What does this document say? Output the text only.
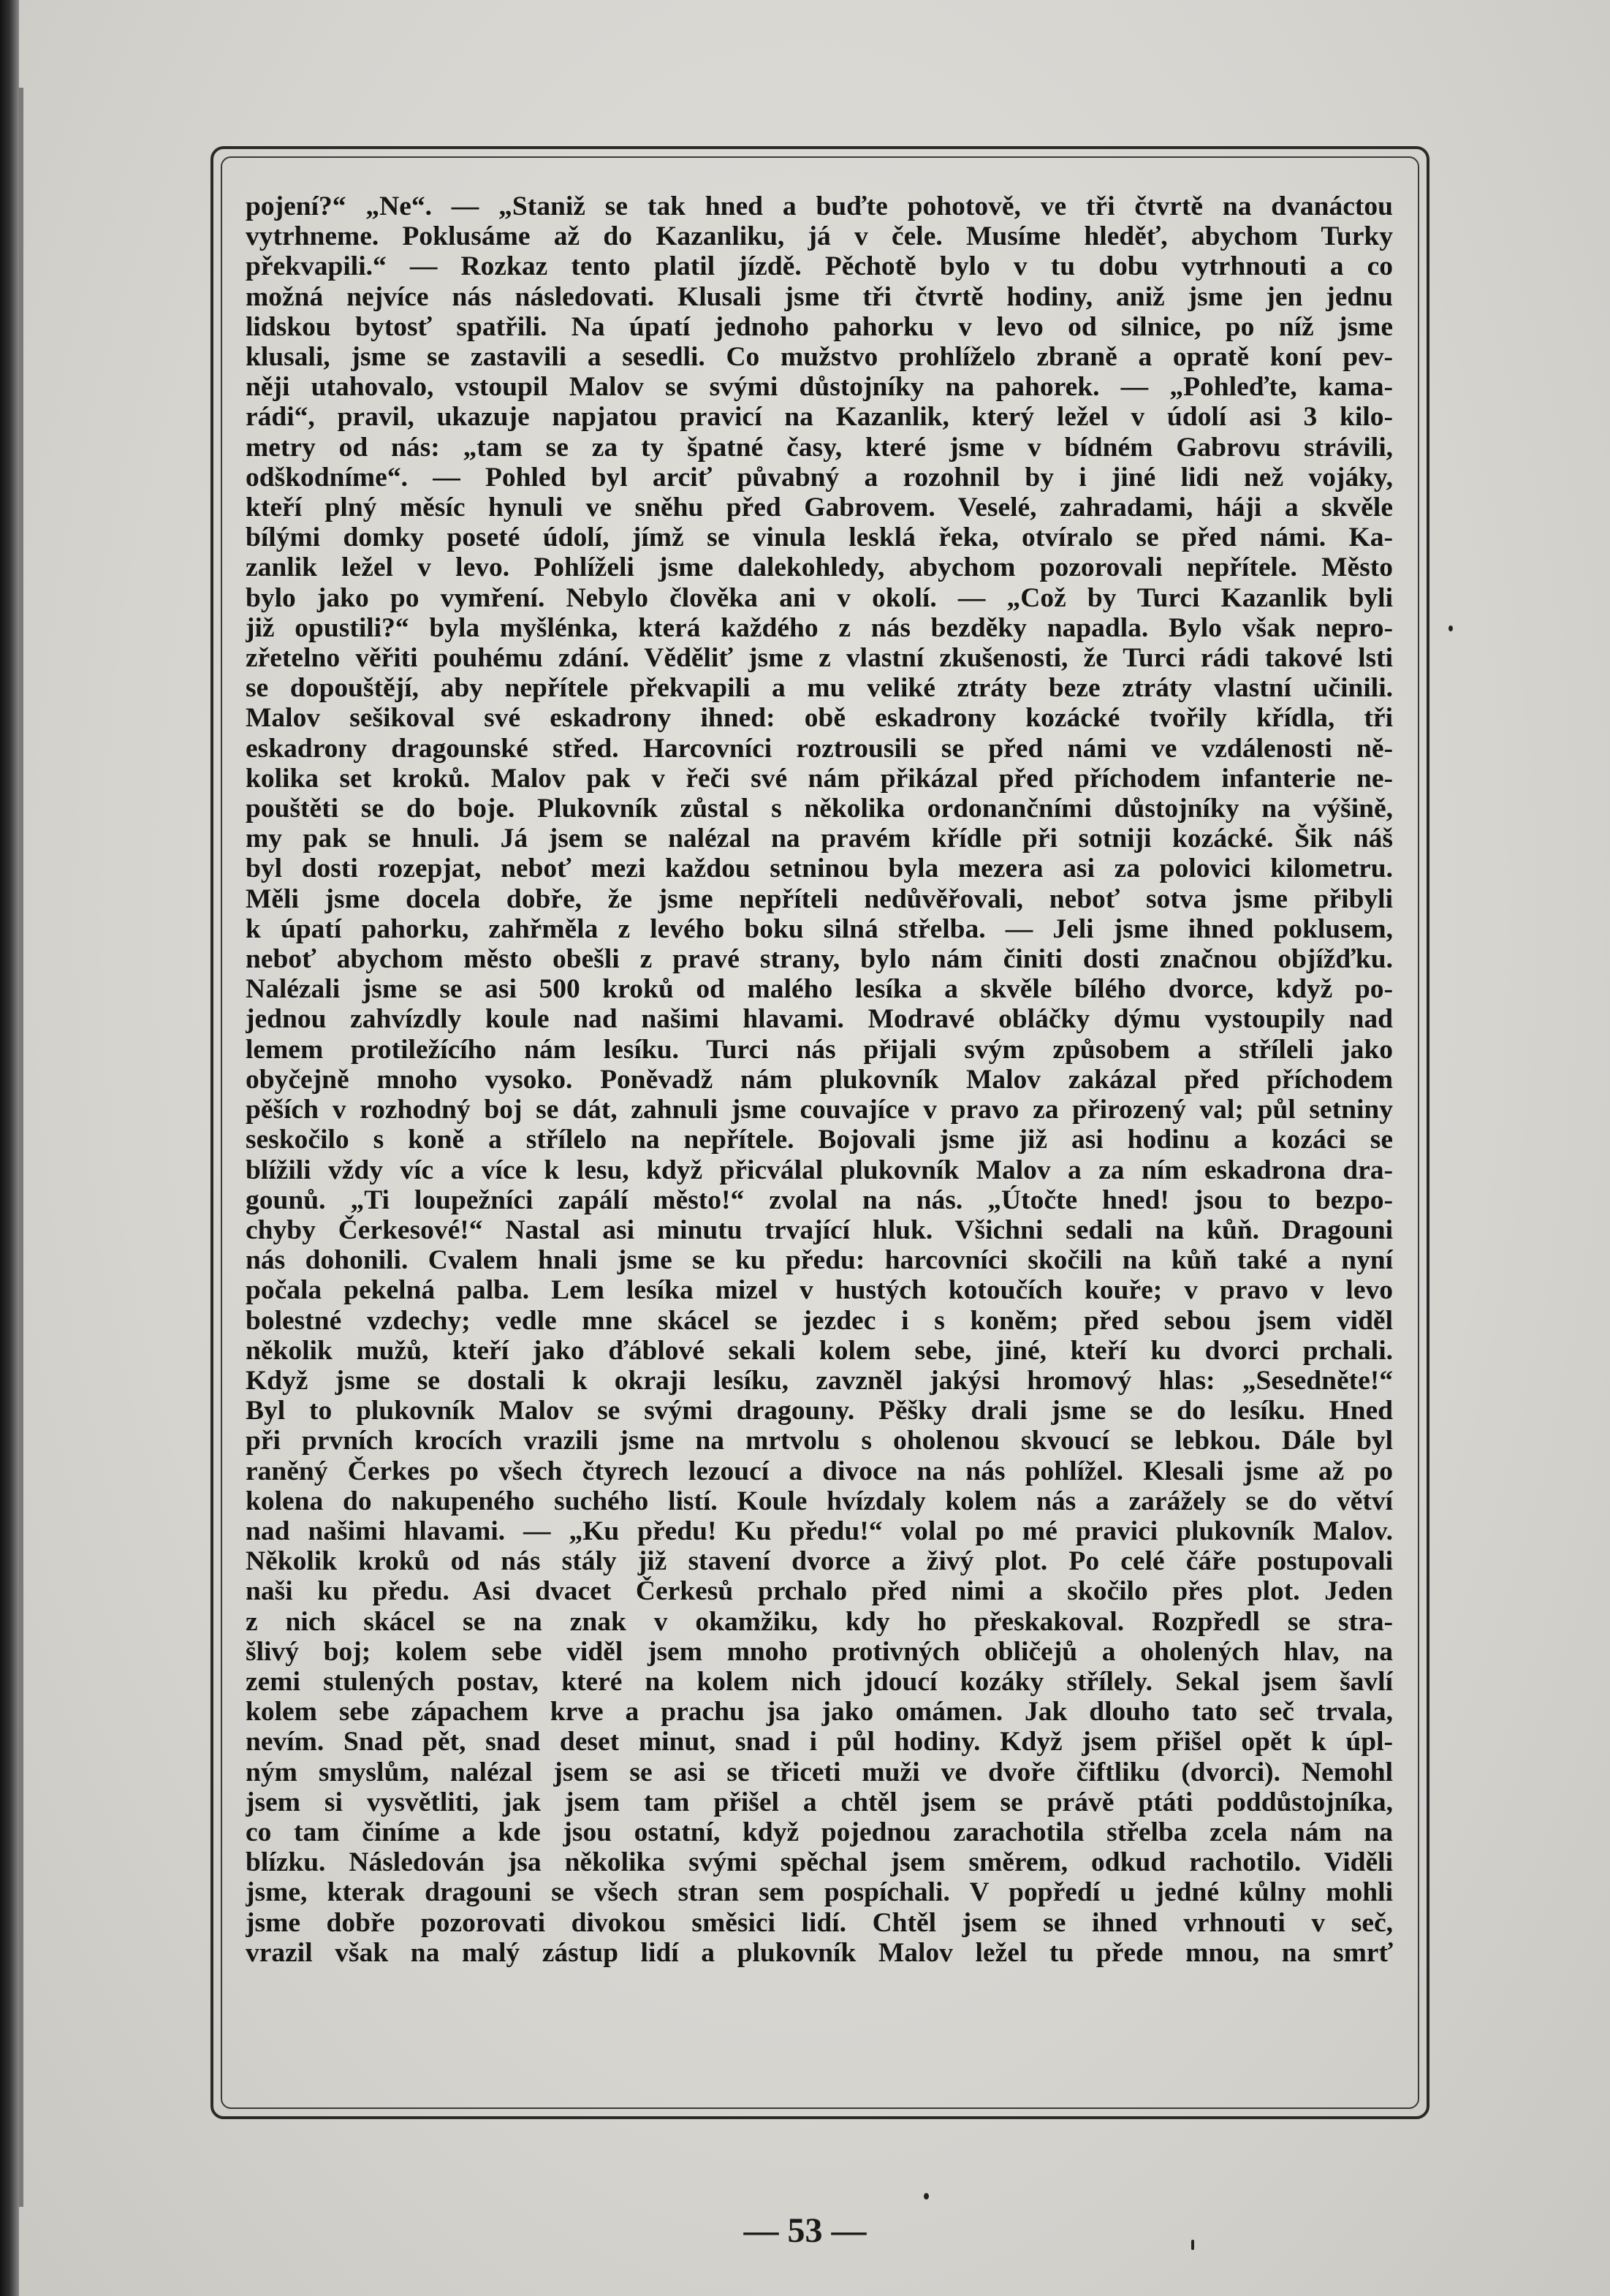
pojení?“ „Ne“. — „Staniž se tak hned a buďte pohotově, ve tři čtvrtě na dvanáctou
vytrhneme. Poklusáme až do Kazanliku, já v čele. Musíme hleděť, abychom Turky
překvapili.“ — Rozkaz tento platil jízdě. Pěchotě bylo v tu dobu vytrhnouti a co
možná nejvíce nás následovati. Klusali jsme tři čtvrtě hodiny, aniž jsme jen jednu
lidskou bytosť spatřili. Na úpatí jednoho pahorku v levo od silnice, po níž jsme
klusali, jsme se zastavili a sesedli. Co mužstvo prohlíželo zbraně a opratě koní pev-
něji utahovalo, vstoupil Malov se svými důstojníky na pahorek. — „Pohleďte, kama-
rádi“, pravil, ukazuje napjatou pravicí na Kazanlik, který ležel v údolí asi 3 kilo-
metry od nás: „tam se za ty špatné časy, které jsme v bídném Gabrovu strávili,
odškodníme“. — Pohled byl arciť půvabný a rozohnil by i jiné lidi než vojáky,
kteří plný měsíc hynuli ve sněhu před Gabrovem. Veselé, zahradami, háji a skvěle
bílými domky poseté údolí, jímž se vinula lesklá řeka, otvíralo se před námi. Ka-
zanlik ležel v levo. Pohlíželi jsme dalekohledy, abychom pozorovali nepřítele. Město
bylo jako po vymření. Nebylo člověka ani v okolí. — „Což by Turci Kazanlik byli
již opustili?“ byla myšlénka, která každého z nás bezděky napadla. Bylo však nepro-
zřetelno věřiti pouhému zdání. Věděliť jsme z vlastní zkušenosti, že Turci rádi takové lsti
se dopouštějí, aby nepřítele překvapili a mu veliké ztráty beze ztráty vlastní učinili.
Malov sešikoval své eskadrony ihned: obě eskadrony kozácké tvořily křídla, tři
eskadrony dragounské střed. Harcovníci roztrousili se před námi ve vzdálenosti ně-
kolika set kroků. Malov pak v řeči své nám přikázal před příchodem infanterie ne-
pouštěti se do boje. Plukovník zůstal s několika ordonančními důstojníky na výšině,
my pak se hnuli. Já jsem se nalézal na pravém křídle při sotniji kozácké. Šik náš
byl dosti rozepjat, neboť mezi každou setninou byla mezera asi za polovici kilometru.
Měli jsme docela dobře, že jsme nepříteli nedůvěřovali, neboť sotva jsme přibyli
k úpatí pahorku, zahřměla z levého boku silná střelba. — Jeli jsme ihned poklusem,
neboť abychom město obešli z pravé strany, bylo nám činiti dosti značnou objížďku.
Nalézali jsme se asi 500 kroků od malého lesíka a skvěle bílého dvorce, když po-
jednou zahvízdly koule nad našimi hlavami. Modravé obláčky dýmu vystoupily nad
lemem protiležícího nám lesíku. Turci nás přijali svým způsobem a stříleli jako
obyčejně mnoho vysoko. Poněvadž nám plukovník Malov zakázal před příchodem
pěších v rozhodný boj se dát, zahnuli jsme couvajíce v pravo za přirozený val; půl setniny
seskočilo s koně a střílelo na nepřítele. Bojovali jsme již asi hodinu a kozáci se
blížili vždy víc a více k lesu, když přicválal plukovník Malov a za ním eskadrona dra-
gounů. „Ti loupežníci zapálí město!“ zvolal na nás. „Útočte hned! jsou to bezpo-
chyby Čerkesové!“ Nastal asi minutu trvající hluk. Všichni sedali na kůň. Dragouni
nás dohonili. Cvalem hnali jsme se ku předu: harcovníci skočili na kůň také a nyní
počala pekelná palba. Lem lesíka mizel v hustých kotoučích kouře; v pravo v levo
bolestné vzdechy; vedle mne skácel se jezdec i s koněm; před sebou jsem viděl
několik mužů, kteří jako ďáblové sekali kolem sebe, jiné, kteří ku dvorci prchali.
Když jsme se dostali k okraji lesíku, zavzněl jakýsi hromový hlas: „Sesedněte!“
Byl to plukovník Malov se svými dragouny. Pěšky drali jsme se do lesíku. Hned
při prvních krocích vrazili jsme na mrtvolu s oholenou skvoucí se lebkou. Dále byl
raněný Čerkes po všech čtyrech lezoucí a divoce na nás pohlížel. Klesali jsme až po
kolena do nakupeného suchého listí. Koule hvízdaly kolem nás a zarážely se do větví
nad našimi hlavami. — „Ku předu! Ku předu!“ volal po mé pravici plukovník Malov.
Několik kroků od nás stály již stavení dvorce a živý plot. Po celé čáře postupovali
naši ku předu. Asi dvacet Čerkesů prchalo před nimi a skočilo přes plot. Jeden
z nich skácel se na znak v okamžiku, kdy ho přeskakoval. Rozpředl se stra-
šlivý boj; kolem sebe viděl jsem mnoho protivných obličejů a oholených hlav, na
zemi stulených postav, které na kolem nich jdoucí kozáky střílely. Sekal jsem šavlí
kolem sebe zápachem krve a prachu jsa jako omámen. Jak dlouho tato seč trvala,
nevím. Snad pět, snad deset minut, snad i půl hodiny. Když jsem přišel opět k úpl-
ným smyslům, nalézal jsem se asi se třiceti muži ve dvoře čiftliku (dvorci). Nemohl
jsem si vysvětliti, jak jsem tam přišel a chtěl jsem se právě ptáti poddůstojníka,
co tam činíme a kde jsou ostatní, když pojednou zarachotila střelba zcela nám na
blízku. Následován jsa několika svými spěchal jsem směrem, odkud rachotilo. Viděli
jsme, kterak dragouni se všech stran sem pospíchali. V popředí u jedné kůlny mohli
jsme dobře pozorovati divokou směsici lidí. Chtěl jsem se ihned vrhnouti v seč,
vrazil však na malý zástup lidí a plukovník Malov ležel tu přede mnou, na smrť
— 53 —
